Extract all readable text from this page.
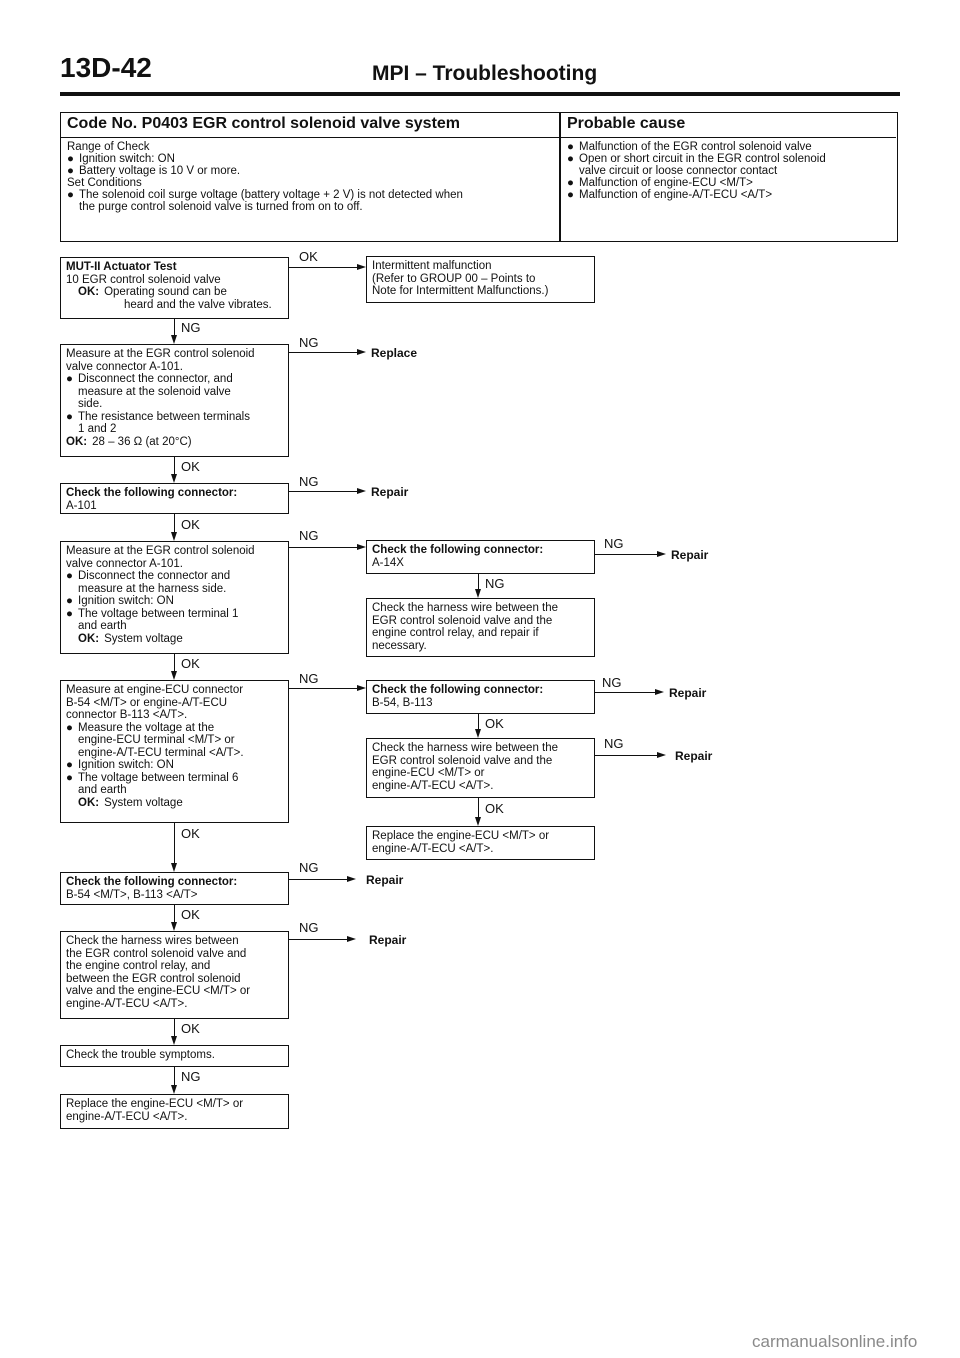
13D-42	MPI – Troubleshooting
Code No. P0403 EGR control solenoid valve system	Probable cause
Range of Check
● Ignition switch: ON
● Battery voltage is 10 V or more.
Set Conditions
● The solenoid coil surge voltage (battery voltage + 2 V) is not detected when
the purge control solenoid valve is turned from on to off.
● Malfunction of the EGR control solenoid valve
● Open or short circuit in the EGR control solenoid
valve circuit or loose connector contact
● Malfunction of engine-ECU <M/T>
● Malfunction of engine-A/T-ECU <A/T>
MUT-II Actuator Test
10 EGR control solenoid valve
OK: Operating sound can be
heard and the valve vibrates.
Intermittent malfunction
(Refer to GROUP 00 – Points to
Note for Intermittent Malfunctions.)
Measure at the EGR control solenoid
valve connector A-101.
● Disconnect the connector, and
measure at the solenoid valve
side.
● The resistance between terminals
1 and 2
OK: 28 – 36 Ω (at 20°C)
Check the following connector:
A-101
Measure at the EGR control solenoid
valve connector A-101.
● Disconnect the connector and
measure at the harness side.
● Ignition switch: ON
● The voltage between terminal 1
and earth
OK: System voltage
Check the following connector:
A-14X
Check the harness wire between the
EGR control solenoid valve and the
engine control relay, and repair if
necessary.
Measure at engine-ECU connector
B-54 <M/T> or engine-A/T-ECU
connector B-113 <A/T>.
● Measure the voltage at the
engine-ECU terminal <M/T> or
engine-A/T-ECU terminal <A/T>.
● Ignition switch: ON
● The voltage between terminal 6
and earth
OK: System voltage
Check the following connector:
B-54, B-113
Check the harness wire between the
EGR control solenoid valve and the
engine-ECU <M/T> or
engine-A/T-ECU <A/T>.
Replace the engine-ECU <M/T> or
engine-A/T-ECU <A/T>.
Check the following connector:
B-54 <M/T>, B-113 <A/T>
Check the harness wires between
the EGR control solenoid valve and
the engine control relay, and
between the EGR control solenoid
valve and the engine-ECU <M/T> or
engine-A/T-ECU <A/T>.
Check the trouble symptoms.
Replace the engine-ECU <M/T> or
engine-A/T-ECU <A/T>.
NG
OK
OK
OK
OK
OK
OK
NG
NG
OK
OK
OK
NG
Replace
NG
Repair
NG
NG
Repair
NG	NG
Repair
NG
Repair
NG
Repair
NG
Repair
carmanualsonline.info
